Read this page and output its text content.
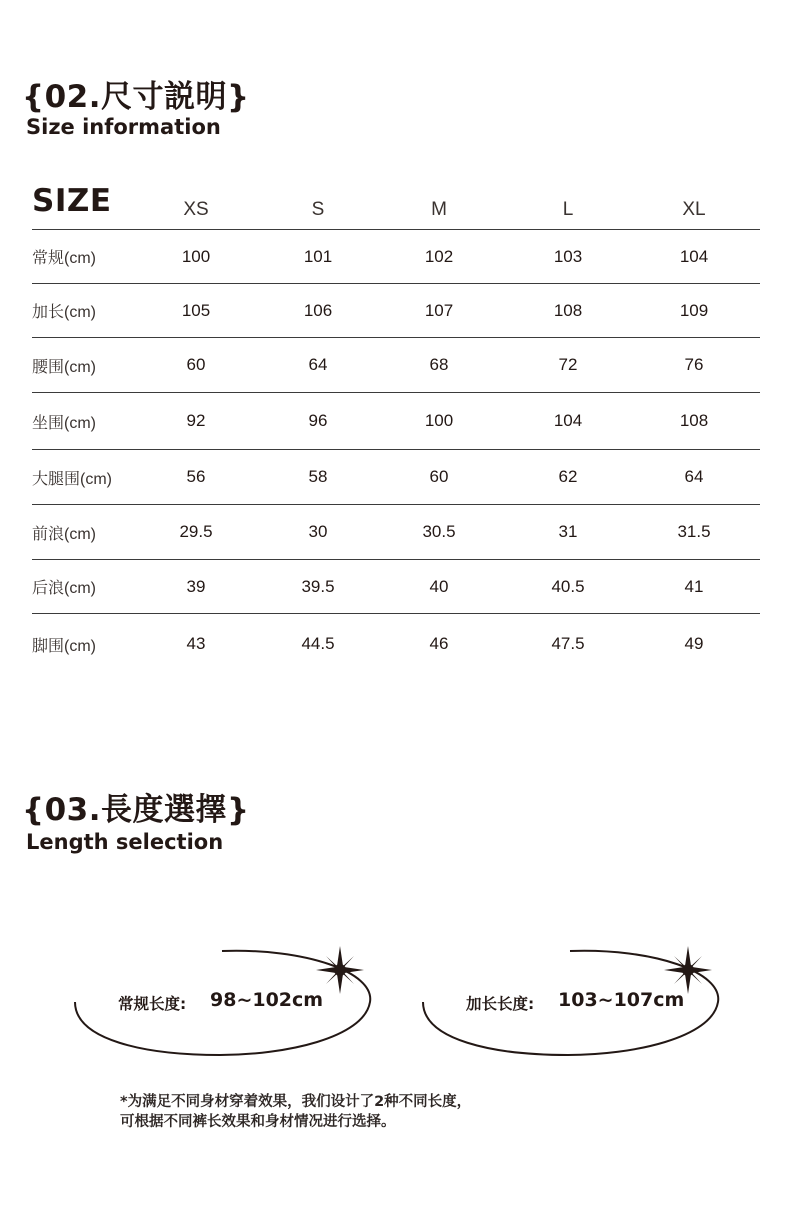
{02.尺寸説明}
Size information
SIZE	XS	S	M	L	XL
常规(cm)	100	101	102	103	104
加长(cm)	105	106	107	108	109
腰围(cm)	60	64	68	72	76
坐围(cm)	92	96	100	104	108
大腿围(cm)	56	58	60	62	64
前浪(cm)	29.5	30	30.5	31	31.5
后浪(cm)	39	39.5	40	40.5	41
脚围(cm)	43	44.5	46	47.5	49
{03.長度選擇}
Length selection
常规长度: 98~102cm	加长长度: 103~107cm
*为满足不同身材穿着效果，我们设计了2种不同长度，
可根据不同裤长效果和身材情况进行选择。
